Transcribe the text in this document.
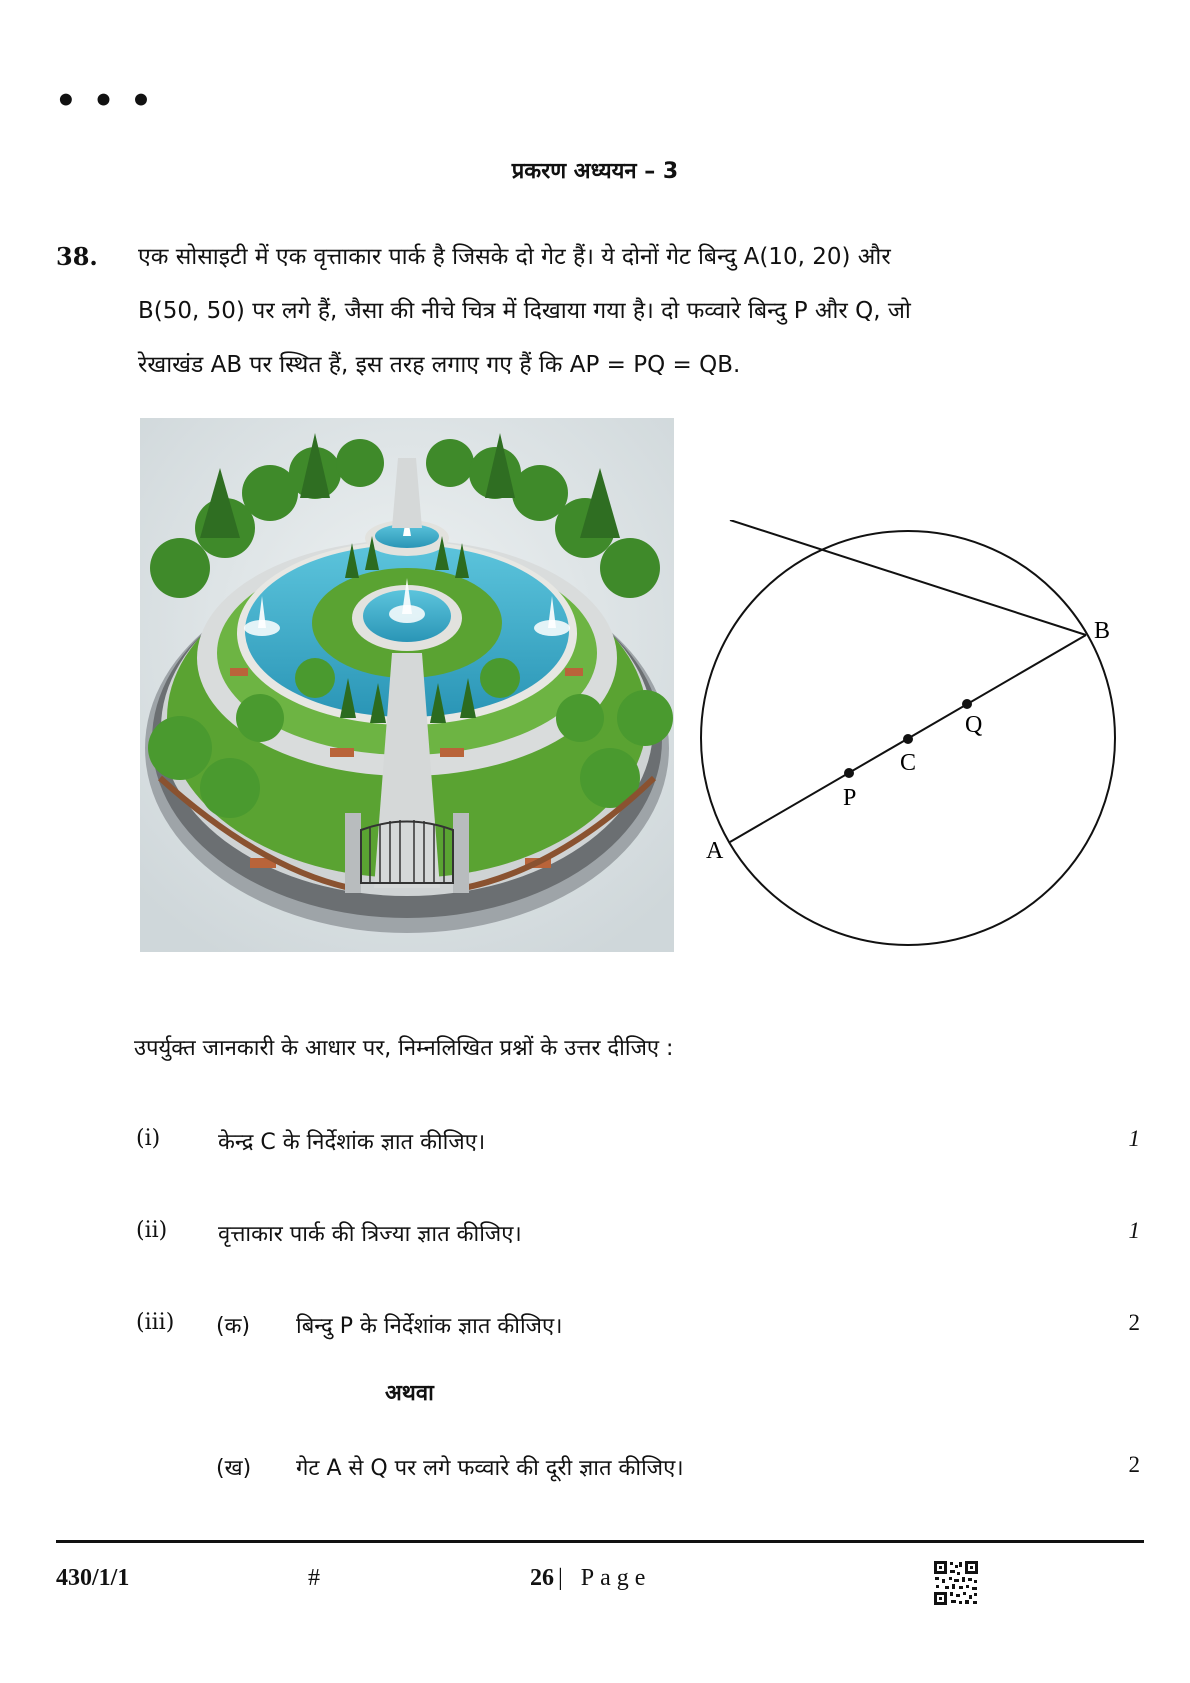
• • •
प्रकरण अध्ययन – 3
38. एक सोसाइटी में एक वृत्ताकार पार्क है जिसके दो गेट हैं। ये दोनों गेट बिन्दु A(10, 20) और
B(50, 50) पर लगे हैं, जैसा की नीचे चित्र में दिखाया गया है। दो फव्वारे बिन्दु P और Q, जो
रेखाखंड AB पर स्थित हैं, इस तरह लगाए गए हैं कि AP = PQ = QB.
A
B
C
P
Q
उपर्युक्त जानकारी के आधार पर, निम्नलिखित प्रश्नों के उत्तर दीजिए :
(i)	केन्द्र C के निर्देशांक ज्ञात कीजिए।	1
(ii) वृत्ताकार पार्क की त्रिज्या ज्ञात कीजिए।	1
(iii) (क) बिन्दु P के निर्देशांक ज्ञात कीजिए।	2
अथवा
(ख) गेट A से Q पर लगे फव्वारे की दूरी ज्ञात कीजिए।	2
430/1/1	#	26 | Page
